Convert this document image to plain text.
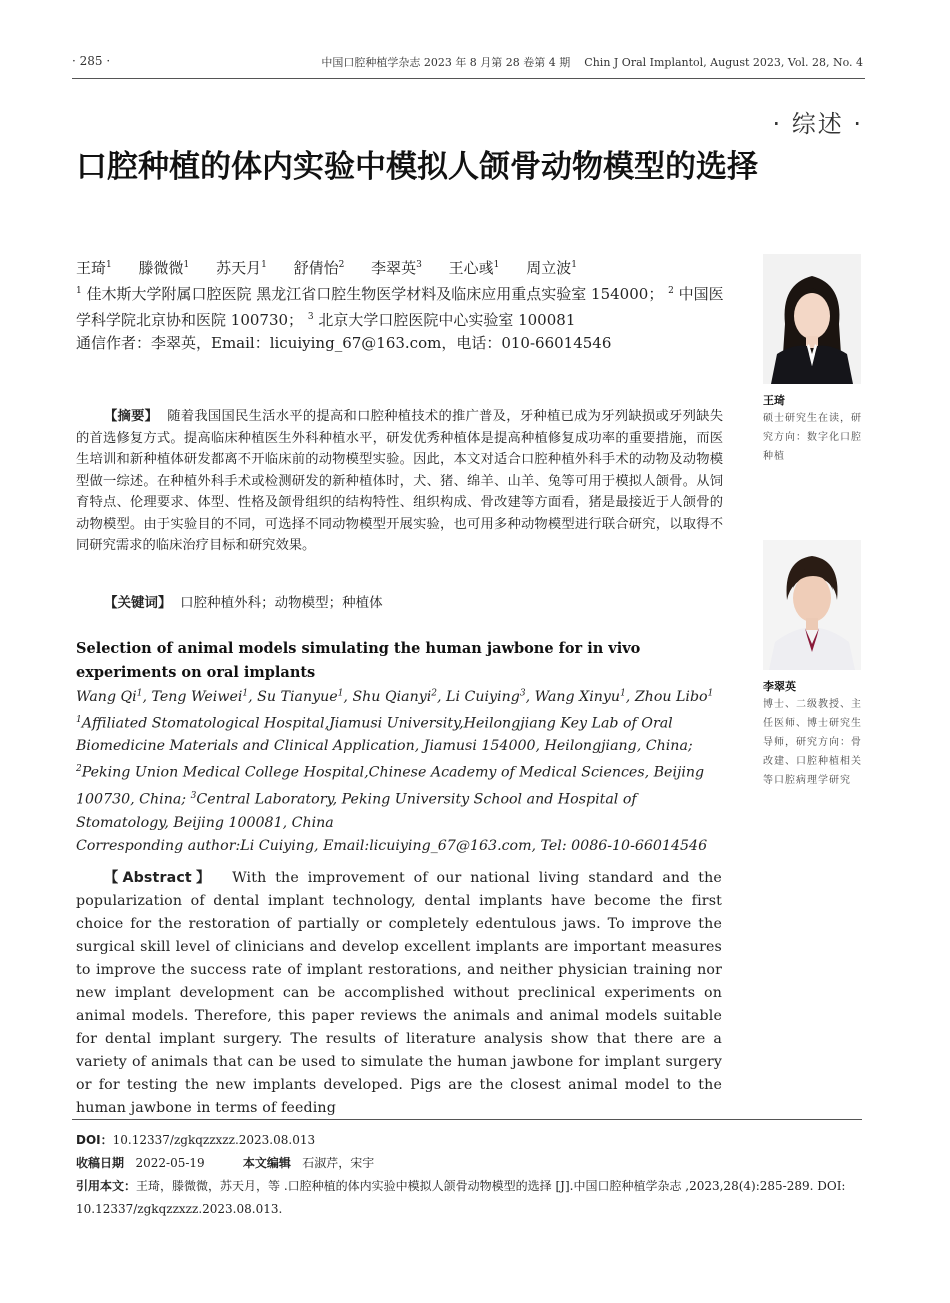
· 285 ·	中国口腔种植学杂志 2023 年 8 月第 28 卷第 4 期 Chin J Oral Implantol, August 2023, Vol. 28, No. 4
· 综述 ·
口腔种植的体内实验中模拟人颌骨动物模型的选择
王琦$^1$ 滕微微$^1$ 苏天月$^1$ 舒倩怡$^2$ 李翠英$^3$ 王心彧$^1$ 周立波$^1$
$^1$ 佳木斯大学附属口腔医院 黑龙江省口腔生物医学材料及临床应用重点实验室 154000； $^2$ 中国医学科学院北京协和医院 100730； $^3$ 北京大学口腔医院中心实验室 100081
通信作者：李翠英，Email：licuiying_67@163.com，电话：010-66014546
【摘要】 随着我国国民生活水平的提高和口腔种植技术的推广普及，牙种植已成为牙列缺损或牙列缺失的首选修复方式。提高临床种植医生外科种植水平，研发优秀种植体是提高种植修复成功率的重要措施，而医生培训和新种植体研发都离不开临床前的动物模型实验。因此，本文对适合口腔种植外科手术的动物及动物模型做一综述。在种植外科手术或检测研发的新种植体时，犬、猪、绵羊、山羊、兔等可用于模拟人颌骨。从饲育特点、伦理要求、体型、性格及颌骨组织的结构特性、组织构成、骨改建等方面看，猪是最接近于人颌骨的动物模型。由于实验目的不同，可选择不同动物模型开展实验，也可用多种动物模型进行联合研究，以取得不同研究需求的临床治疗目标和研究效果。
【关键词】 口腔种植外科；动物模型；种植体
Selection of animal models simulating the human jawbone for in vivo experiments on oral implants
Wang Qi$^1$, Teng Weiwei$^1$, Su Tianyue$^1$, Shu Qianyi$^2$, Li Cuiying$^3$, Wang Xinyu$^1$, Zhou Libo$^1$
$^1$Affiliated Stomatological Hospital,Jiamusi University,Heilongjiang Key Lab of Oral Biomedicine Materials and Clinical Application, Jiamusi 154000, Heilongjiang, China; $^2$Peking Union Medical College Hospital,Chinese Academy of Medical Sciences, Beijing 100730, China; $^3$Central Laboratory, Peking University School and Hospital of Stomatology, Beijing 100081, China
Corresponding author:Li Cuiying, Email:licuiying_67@163.com, Tel: 0086-10-66014546
【Abstract】 With the improvement of our national living standard and the popularization of dental implant technology, dental implants have become the first choice for the restoration of partially or completely edentulous jaws. To improve the surgical skill level of clinicians and develop excellent implants are important measures to improve the success rate of implant restorations, and neither physician training nor new implant development can be accomplished without preclinical experiments on animal models. Therefore, this paper reviews the animals and animal models suitable for dental implant surgery. The results of literature analysis show that there are a variety of animals that can be used to simulate the human jawbone for implant surgery or for testing the new implants developed. Pigs are the closest animal model to the human jawbone in terms of feeding
DOI：10.12337/zgkqzzxzz.2023.08.013
收稿日期 2022-05-19	本文编辑 石淑芹，宋宇
引用本文：王琦，滕微微，苏天月，等 .口腔种植的体内实验中模拟人颌骨动物模型的选择 [J].中国口腔种植学杂志 ,2023,28(4):285-289. DOI: 10.12337/zgkqzzxzz.2023.08.013.
王琦
硕士研究生在读，研究方向：数字化口腔种植
李翠英
博士、二级教授、主任医师、博士研究生导师，研究方向：骨改建、口腔种植相关等口腔病理学研究
